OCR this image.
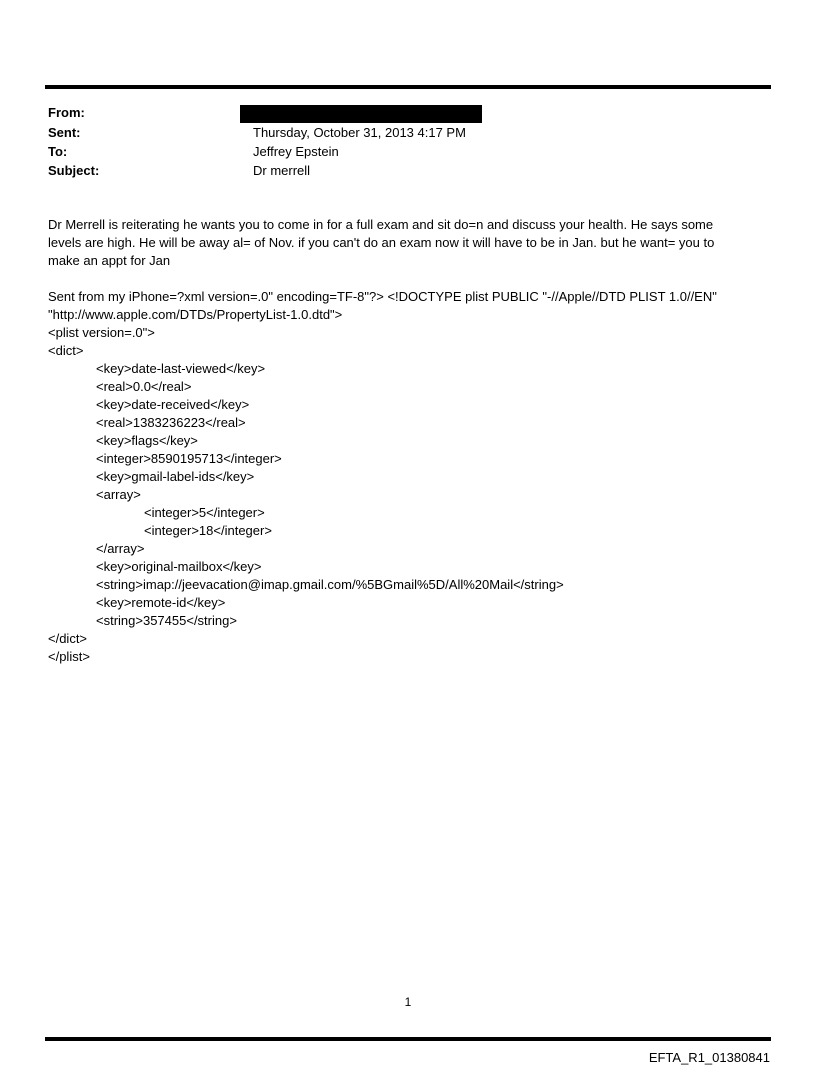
From:
Sent:	Thursday, October 31, 2013 4:17 PM
To:	Jeffrey Epstein
Subject:	Dr merrell

Dr Merrell is reiterating he wants you to come in for a full exam and sit do=n and discuss your health. He says some levels are high. He will be away al= of Nov. if you can't do an exam now it will have to be in Jan. but he want= you to make an appt for Jan

Sent from my iPhone=?xml version=.0" encoding=TF-8"?> <!DOCTYPE plist PUBLIC "-//Apple//DTD PLIST 1.0//EN" "http://www.apple.com/DTDs/PropertyList-1.0.dtd">

<plist version=.0">
<dict>
<key>date-last-viewed</key>
<real>0.0</real>
<key>date-received</key>
<real>1383236223</real>
<key>flags</key>
<integer>8590195713</integer>
<key>gmail-label-ids</key>
<array>
<integer>5</integer>
<integer>18</integer>
</array>
<key>original-mailbox</key>
<string>imap://jeevacation@imap.gmail.com/%5BGmail%5D/All%20Mail</string>
<key>remote-id</key>
<string>357455</string>
</dict>
</plist>
1
EFTA_R1_01380841
